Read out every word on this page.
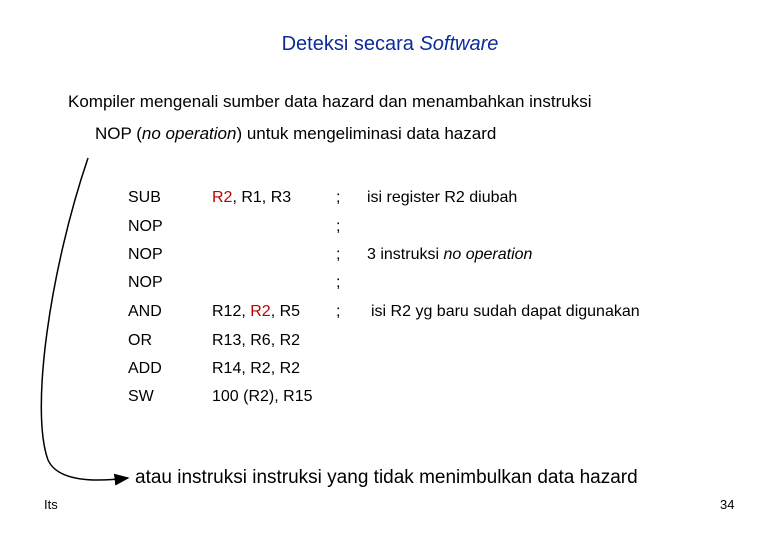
Deteksi secara Software
Kompiler mengenali sumber data hazard dan menambahkan instruksi
NOP (no operation) untuk mengeliminasi data hazard
SUB	R2, R1, R3	; isi register R2 diubah
NOP	;
NOP	; 3 instruksi no operation
NOP	;
AND	R12, R2, R5 ; isi R2 yg baru sudah dapat digunakan
OR	R13, R6, R2
ADD	R14, R2, R2
SW	100 (R2), R15
atau instruksi instruksi yang tidak menimbulkan data hazard
Its	34
